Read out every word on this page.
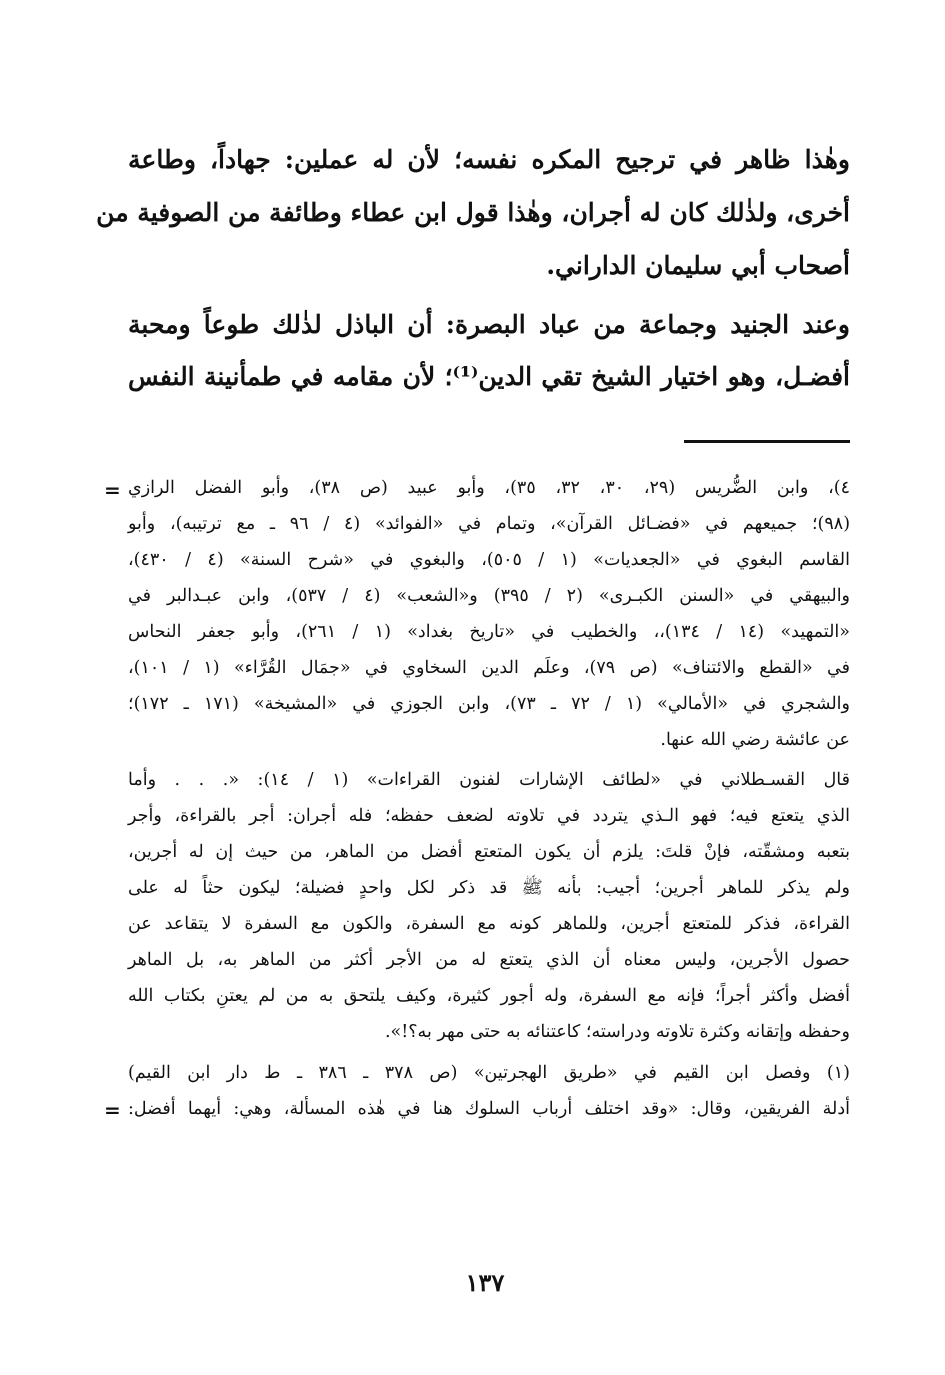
وهٰذا ظاهر في ترجيح المكره نفسه؛ لأن له عملين: جهاداً، وطاعة
أخرى، ولذٰلك كان له أجران، وهٰذا قول ابن عطاء وطائفة من الصوفية من
أصحاب أبي سليمان الداراني.
وعند الجنيد وجماعة من عباد البصرة: أن الباذل لذٰلك طوعاً ومحبة
أفضـل، وهو اختيار الشيخ تقي الدين⁽¹⁾؛ لأن مقامه في طمأنينة النفس
= ٤)، وابن الضُّريس (٢٩، ٣٠، ٣٢، ٣٥)، وأبو عبيد (ص ٣٨)، وأبو الفضل الرازي
(٩٨)؛ جميعهم في «فضـائل القرآن»، وتمام في «الفوائد» (٤ / ٩٦ ـ مع ترتيبه)، وأبو
القاسم البغوي في «الجعديات» (١ / ٥٠٥)، والبغوي في «شرح السنة» (٤ / ٤٣٠)،
والبيهقي في «السنن الكبـرى» (٢ / ٣٩٥) و«الشعب» (٤ / ٥٣٧)، وابن عبـدالبر في
«التمهيد» (١٤ / ١٣٤)،، والخطيب في «تاريخ بغداد» (١ / ٢٦١)، وأبو جعفر النحاس
في «القطع والائتناف» (ص ٧٩)، وعلَم الدين السخاوي في «جمَال القُرَّاء» (١ / ١٠١)،
والشجري في «الأمالي» (١ / ٧٢ ـ ٧٣)، وابن الجوزي في «المشيخة» (١٧١ ـ ١٧٢)؛
عن عائشة رضي الله عنها.
قال القسـطلاني في «لطائف الإشارات لفنون القراءات» (١ / ١٤): «. . . وأما
الذي يتعتع فيه؛ فهو الـذي يتردد في تلاوته لضعف حفظه؛ فله أجران: أجر بالقراءة، وأجر
بتعبه ومشقّته، فإنْ قلتَ: يلزم أن يكون المتعتع أفضل من الماهر، من حيث إن له أجرين،
ولم يذكر للماهر أجرين؛ أجيب: بأنه ﷺ قد ذكر لكل واحدٍ فضيلة؛ ليكون حثاً له على
القراءة، فذكر للمتعتع أجرين، وللماهر كونه مع السفرة، والكون مع السفرة لا يتقاعد عن
حصول الأجرين، وليس معناه أن الذي يتعتع له من الأجر أكثر من الماهر به، بل الماهر
أفضل وأكثر أجراً؛ فإنه مع السفرة، وله أجور كثيرة، وكيف يلتحق به من لم يعتنِ بكتاب الله
وحفظه وإتقانه وكثرة تلاوته ودراسته؛ كاعتنائه به حتى مهر به؟!».
(١) وفصل ابن القيم في «طريق الهجرتين» (ص ٣٧٨ ـ ٣٨٦ ـ ط دار ابن القيم)
أدلة الفريقين، وقال: «وقد اختلف أرباب السلوك هنا في هٰذه المسألة، وهي: أيهما أفضل:
=
١٣٧
